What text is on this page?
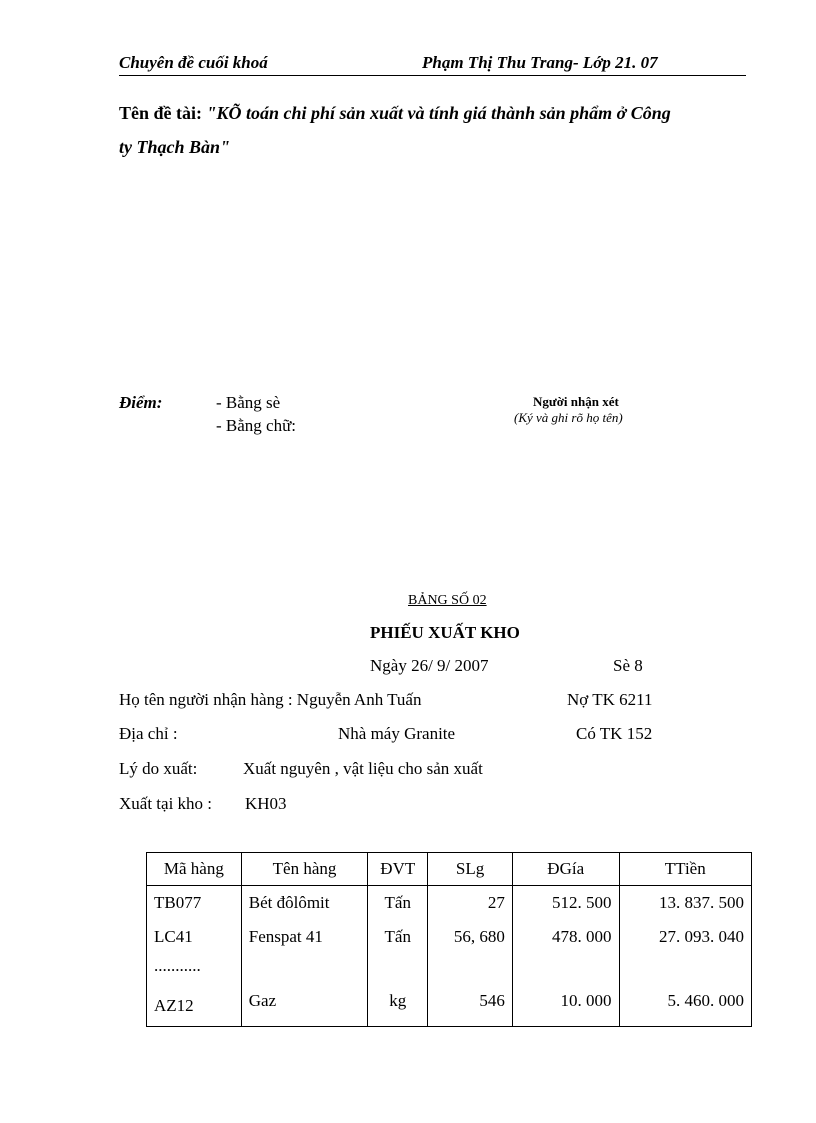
Chuyên đề cuối khoá	Phạm Thị Thu Trang- Lớp 21. 07
Tên đề tài: "KÕ toán chi phí sản xuất và tính giá thành sản phẩm ở Công
ty Thạch Bàn"
Điểm:	- Bằng sè
- Bằng chữ:
Người nhận xét
(Ký và ghi rõ họ tên)
BẢNG SỐ 02
PHIẾU XUẤT KHO
Ngày 26/ 9/ 2007	Sè 8
Họ tên người nhận hàng : Nguyễn Anh Tuấn	Nợ TK 6211
Địa chỉ :	Nhà máy Granite	Có TK 152
Lý do xuất:	Xuất nguyên , vật liệu cho sản xuất
Xuất tại kho : KH03
Mã hàng	Tên hàng	ĐVT	SLg	ĐGía	TTiền
TB077	Bét đôlômit	Tấn	27	512. 500	13. 837. 500
LC41	Fenspat 41	Tấn	56, 680	478. 000	27. 093. 040
...........					
AZ12	Gaz	kg	546	10. 000	5. 460. 000
